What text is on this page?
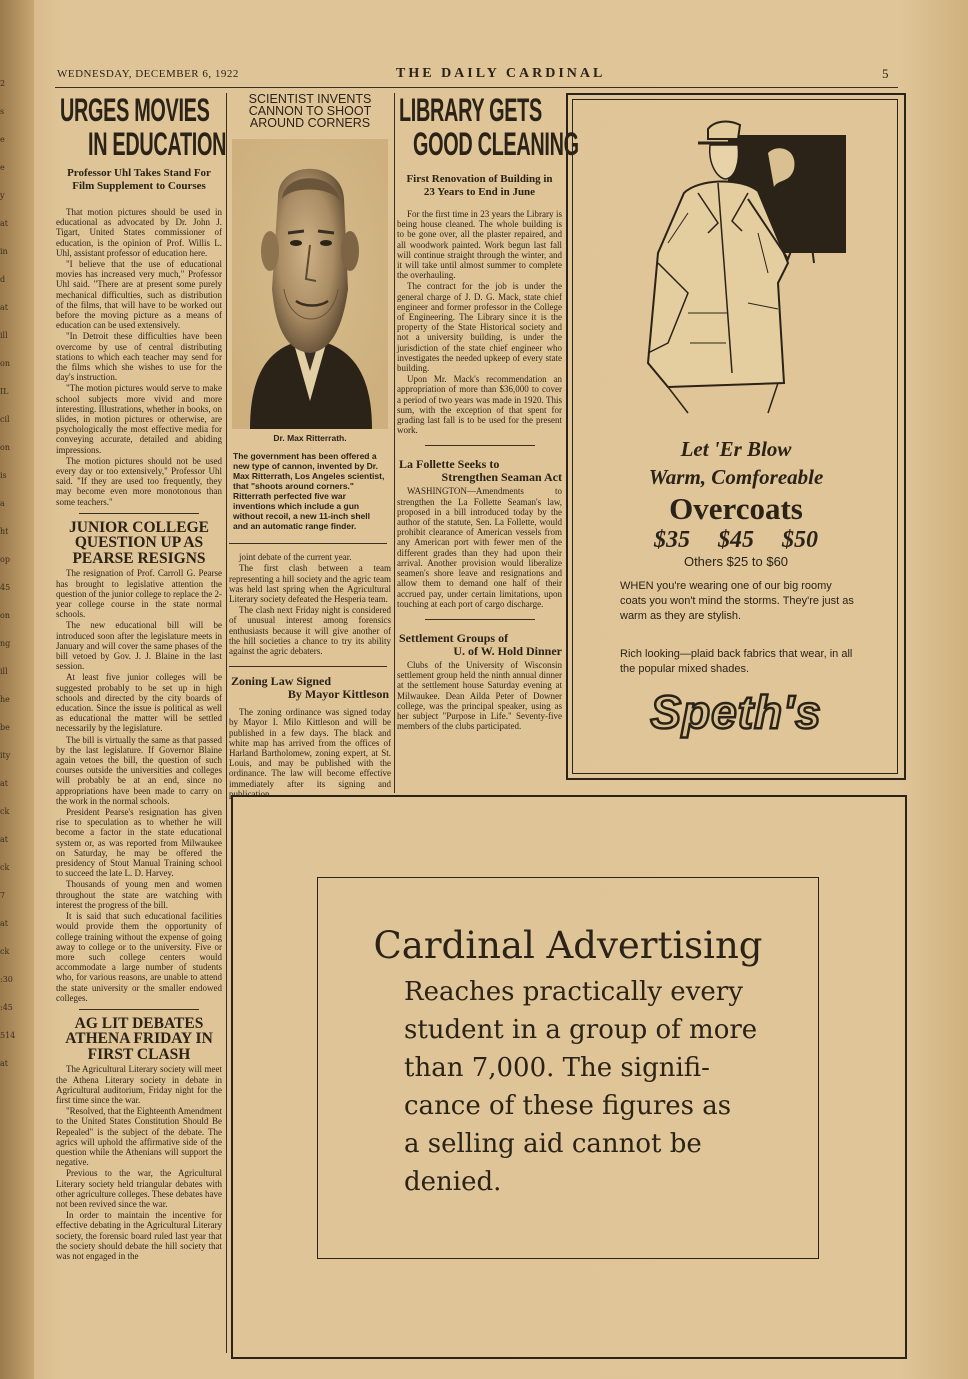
2
s
e
e
y
at
in
d
at
ill
on
IL
cil
on
is
a
ht
op
45
on
ng
ill
he
be
ity
at
ck
at
ck
7
at
ck
:30
:45
514
at
WEDNESDAY, DECEMBER 6, 1922	THE DAILY CARDINAL	5
URGES MOVIES
IN EDUCATION
Professor Uhl Takes Stand For Film Supplement to Courses

That motion pictures should be used in educational as advocated by Dr. John J. Tigart, United States commissioner of education, is the opinion of Prof. Willis L. Uhl, assistant professor of education here.

"I believe that the use of educational movies has increased very much," Professor Uhl said. "There are at present some purely mechanical difficulties, such as distribution of the films, that will have to be worked out before the moving picture as a means of education can be used extensively.

"In Detroit these difficulties have been overcome by use of central distributing stations to which each teacher may send for the films which she wishes to use for the day's instruction.

"The motion pictures would serve to make school subjects more vivid and more interesting. Illustrations, whether in books, on slides, in motion pictures or otherwise, are psychologically the most effective media for conveying accurate, detailed and abiding impressions.

The motion pictures should not be used every day or too extensively," Professor Uhl said. "If they are used too frequently, they may become even more monotonous than some teachers."

JUNIOR COLLEGE QUESTION UP AS PEARSE RESIGNS

The resignation of Prof. Carroll G. Pearse has brought to legislative attention the question of the junior college to replace the 2-year college course in the state normal schools.

The new educational bill will be introduced soon after the legislature meets in January and will cover the same phases of the bill vetoed by Gov. J. J. Blaine in the last session.

At least five junior colleges will be suggested probably to be set up in high schools and directed by the city boards of education. Since the issue is political as well as educational the matter will be settled necessarily by the legislature.

The bill is virtually the same as that passed by the last legislature. If Governor Blaine again vetoes the bill, the question of such courses outside the universities and colleges will probably be at an end, since no appropriations have been made to carry on the work in the normal schools.

President Pearse's resignation has given rise to speculation as to whether he will become a factor in the state educational system or, as was reported from Milwaukee on Saturday, he may be offered the presidency of Stout Manual Training school to succeed the late L. D. Harvey.

Thousands of young men and women throughout the state are watching with interest the progress of the bill.

It is said that such educational facilities would provide them the opportunity of college training without the expense of going away to college or to the university. Five or more such college centers would accommodate a large number of students who, for various reasons, are unable to attend the state university or the smaller endowed colleges.

AG LIT DEBATES ATHENA FRIDAY IN FIRST CLASH

The Agricultural Literary society will meet the Athena Literary society in debate in Agricultural auditorium, Friday night for the first time since the war.

"Resolved, that the Eighteenth Amendment to the United States Constitution Should Be Repealed" is the subject of the debate. The agrics will uphold the affirmative side of the question while the Athenians will support the negative.

Previous to the war, the Agricultural Literary society held triangular debates with other agriculture colleges. These debates have not been revived since the war.

In order to maintain the incentive for effective debating in the Agricultural Literary society, the forensic board ruled last year that the society should debate the hill society that was not engaged in the

SCIENTIST INVENTS CANNON TO SHOOT AROUND CORNERS
Dr. Max Ritterrath.
The government has been offered a new type of cannon, invented by Dr. Max Ritterrath, Los Angeles scientist, that "shoots around corners." Ritterrath perfected five war inventions which include a gun without recoil, a new 11-inch shell and an automatic range finder.

joint debate of the current year.

The first clash between a team representing a hill society and the agric team was held last spring when the Agricultural Literary society defeated the Hesperia team.

The clash next Friday night is considered of unusual interest among forensics enthusiasts because it will give another of the hill societies a chance to try its ability against the agric debaters.

Zoning Law Signed
By Mayor Kittleson

The zoning ordinance was signed today by Mayor I. Milo Kittleson and will be published in a few days. The black and white map has arrived from the offices of Harland Bartholomew, zoning expert, at St. Louis, and may be published with the ordinance. The law will become effective immediately after its signing and publication.

LIBRARY GETS
GOOD CLEANING
First Renovation of Building in 23 Years to End in June

For the first time in 23 years the Library is being house cleaned. The whole building is to be gone over, all the plaster repaired, and all woodwork painted. Work begun last fall will continue straight through the winter, and it will take until almost summer to complete the overhauling.

The contract for the job is under the general charge of J. D. G. Mack, state chief engineer and former professor in the College of Engineering. The Library since it is the property of the State Historical society and not a university building, is under the jurisdiction of the state chief engineer who investigates the needed upkeep of every state building.

Upon Mr. Mack's recommendation an appropriation of more than $36,000 to cover a period of two years was made in 1920. This sum, with the exception of that spent for grading last fall is to be used for the present work.

La Follette Seeks to
Strengthen Seaman Act

WASHINGTON—Amendments to strengthen the La Follette Seaman's law, proposed in a bill introduced today by the author of the statute, Sen. La Follette, would prohibit clearance of American vessels from any American port with fewer men of the different grades than they had upon their arrival. Another provision would liberalize seamen's shore leave and resignations and allow them to demand one half of their accrued pay, under certain limitations, upon touching at each port of cargo discharge.

Settlement Groups of
U. of W. Hold Dinner

Clubs of the University of Wisconsin settlement group held the ninth annual dinner at the settlement house Saturday evening at Milwaukee. Dean Ailda Peter of Downer college, was the principal speaker, using as her subject "Purpose in Life." Seventy-five members of the clubs participated.

Let 'Er Blow
Warm, Comforeable
Overcoats
$35 $45 $50
Others $25 to $60
WHEN you're wearing one of our big roomy coats you won't mind the storms. They're just as warm as they are stylish.
Rich looking—plaid back fabrics that wear, in all the popular mixed shades.
Speth's
Cardinal Advertising
Reaches practically every
student in a group of more
than 7,000. The signifi-
cance of these figures as
a selling aid cannot be
denied.
